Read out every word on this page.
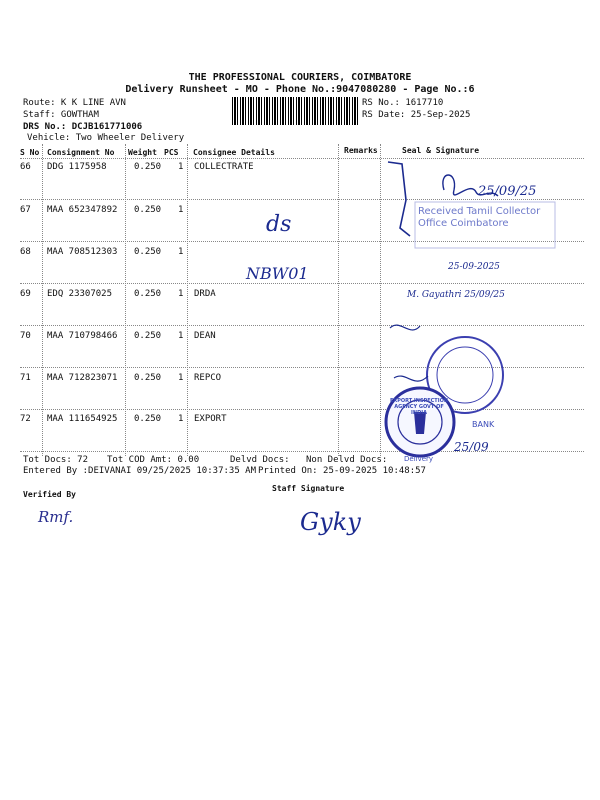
THE PROFESSIONAL COURIERS, COIMBATORE
Delivery Runsheet - MO - Phone No.:9047080280 - Page No.:6
Route: K K LINE AVN
Staff: GOWTHAM
DRS No.: DCJB161771006
Vehicle: Two Wheeler Delivery
RS No.: 1617710
RS Date: 25-Sep-2025
S No Consignment No Weight PCS Consignee Details	Remarks	Seal & Signature
66 DDG 1175958	0.250 1 COLLECTRATE
67 MAA 652347892 0.250 1
68 MAA 708512303 0.250 1
69 EDQ 23307025 0.250 1 DRDA
70 MAA 710798466 0.250 1 DEAN
71 MAA 712823071 0.250 1 REPCO
72 MAA 111654925 0.250 1 EXPORT
ds
NBW01
25/09/25
Received Tamil Collector Office Coimbatore
25-09-2025
M. Gayathri 25/09/25
BANK
EXPORT INSPECTION AGENCY GOVT OF INDIA
25/09
Delivery
Tot Docs: 72 Tot COD Amt: 0.00	Delvd Docs: Non Delvd Docs:
Entered By :DEIVANAI 09/25/2025 10:37:35 AM Printed On: 25-09-2025 10:48:57
Verified By
Staff Signature
Rmf.	Gyky
